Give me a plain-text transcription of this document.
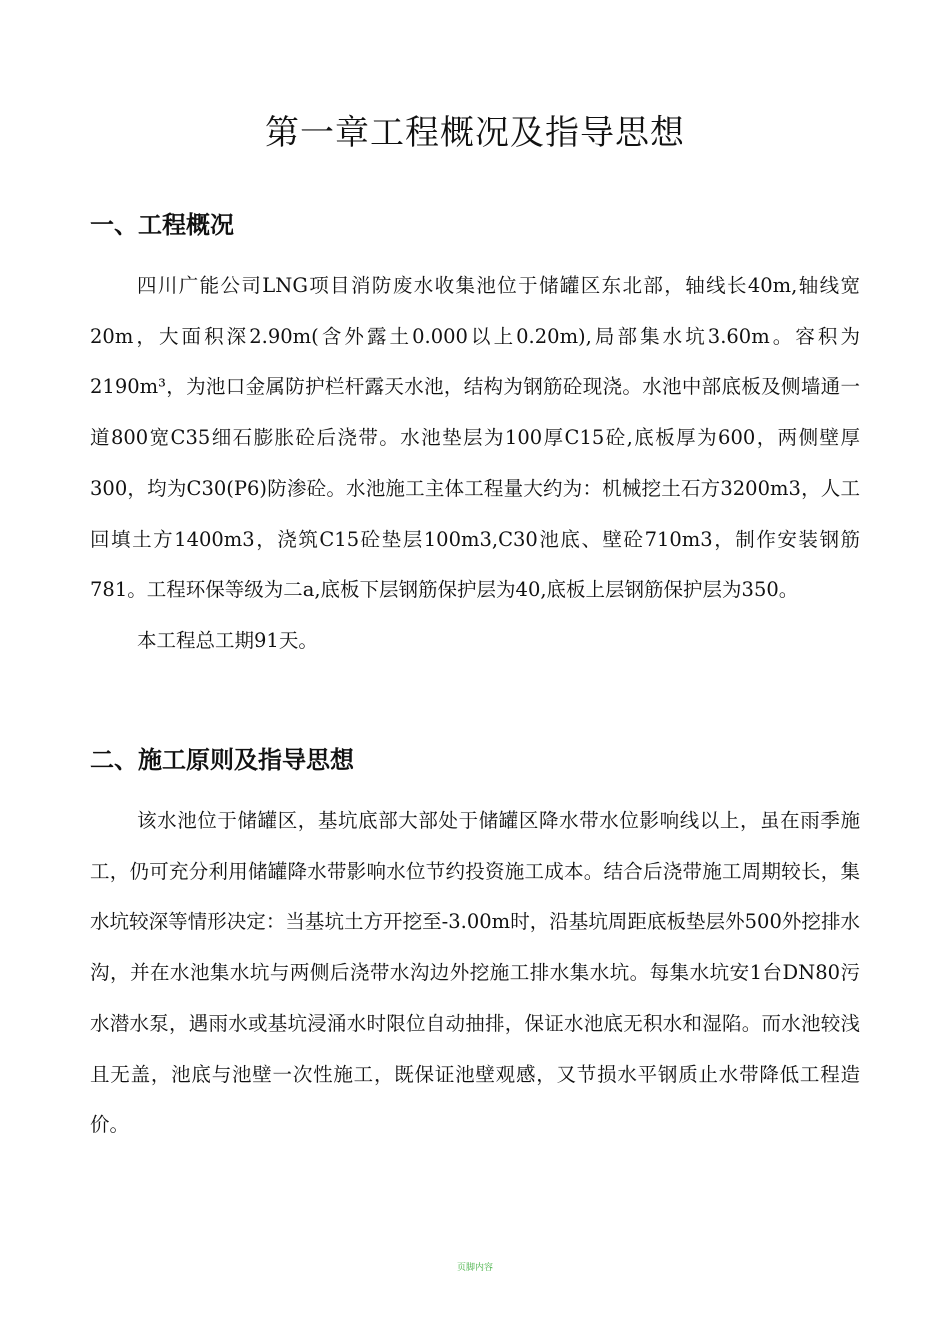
第一章工程概况及指导思想
一、工程概况

四川广能公司LNG项目消防废水收集池位于储罐区东北部，轴线长40m,轴线宽20m，大面积深2.90m(含外露土0.000以上0.20m),局部集水坑3.60m。容积为2190m³，为池口金属防护栏杆露天水池，结构为钢筋砼现浇。水池中部底板及侧墙通一道800宽C35细石膨胀砼后浇带。水池垫层为100厚C15砼,底板厚为600，两侧壁厚300，均为C30(P6)防渗砼。水池施工主体工程量大约为：机械挖土石方3200m3，人工回填土方1400m3，浇筑C15砼垫层100m3,C30池底、壁砼710m3，制作安装钢筋781。工程环保等级为二a,底板下层钢筋保护层为40,底板上层钢筋保护层为350。

本工程总工期91天。

二、施工原则及指导思想

该水池位于储罐区，基坑底部大部处于储罐区降水带水位影响线以上，虽在雨季施工，仍可充分利用储罐降水带影响水位节约投资施工成本。结合后浇带施工周期较长，集水坑较深等情形决定：当基坑土方开挖至-3.00m时，沿基坑周距底板垫层外500外挖排水沟，并在水池集水坑与两侧后浇带水沟边外挖施工排水集水坑。每集水坑安1台DN80污水潜水泵，遇雨水或基坑浸涌水时限位自动抽排，保证水池底无积水和湿陷。而水池较浅且无盖，池底与池壁一次性施工，既保证池壁观感，又节损水平钢质止水带降低工程造价。

页脚内容
